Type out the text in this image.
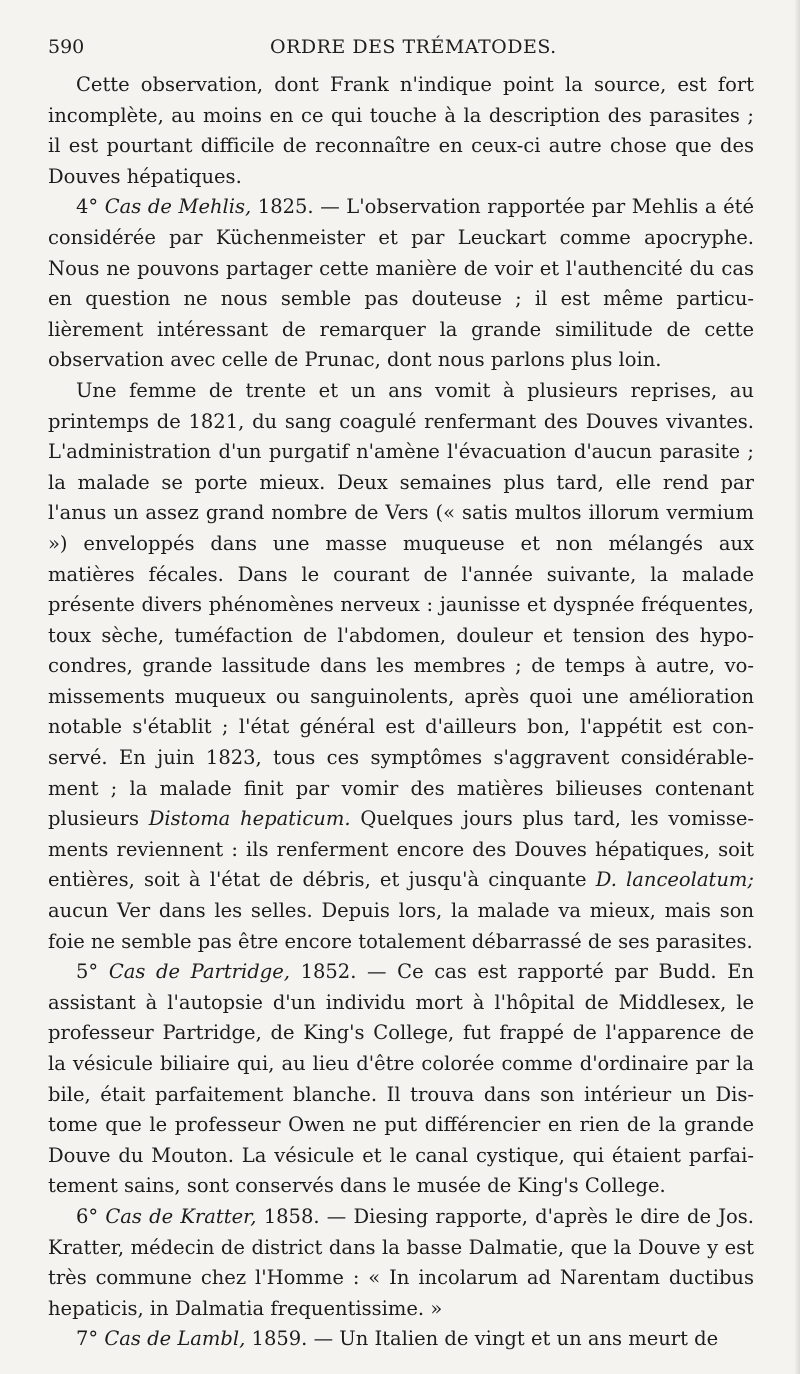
590	ORDRE DES TRÉMATODES.

Cette observation, dont Frank n'indique point la source, est fort incomplète, au moins en ce qui touche à la description des parasites ; il est pourtant difficile de reconnaître en ceux-ci autre chose que des Douves hépatiques.

4° Cas de Mehlis, 1825. — L'observation rapportée par Mehlis a été considérée par Küchenmeister et par Leuckart comme apocryphe. Nous ne pouvons partager cette manière de voir et l'authencité du cas en question ne nous semble pas douteuse ; il est même particulièrement intéressant de remarquer la grande similitude de cette observation avec celle de Prunac, dont nous parlons plus loin.

Une femme de trente et un ans vomit à plusieurs reprises, au printemps de 1821, du sang coagulé renfermant des Douves vivantes. L'administration d'un purgatif n'amène l'évacuation d'aucun parasite ; la malade se porte mieux. Deux semaines plus tard, elle rend par l'anus un assez grand nombre de Vers (« satis multos illorum vermium ») enveloppés dans une masse muqueuse et non mélangés aux matières fécales. Dans le courant de l'année suivante, la malade présente divers phénomènes nerveux : jaunisse et dyspnée fréquentes, toux sèche, tuméfaction de l'abdomen, douleur et tension des hypocondres, grande lassitude dans les membres ; de temps à autre, vomissements muqueux ou sanguinolents, après quoi une amélioration notable s'établit ; l'état général est d'ailleurs bon, l'appétit est conservé. En juin 1823, tous ces symptômes s'aggravent considérablement ; la malade finit par vomir des matières bilieuses contenant plusieurs Distoma hepaticum. Quelques jours plus tard, les vomissements reviennent : ils renferment encore des Douves hépatiques, soit entières, soit à l'état de débris, et jusqu'à cinquante D. lanceolatum; aucun Ver dans les selles. Depuis lors, la malade va mieux, mais son foie ne semble pas être encore totalement débarrassé de ses parasites.

5° Cas de Partridge, 1852. — Ce cas est rapporté par Budd. En assistant à l'autopsie d'un individu mort à l'hôpital de Middlesex, le professeur Partridge, de King's College, fut frappé de l'apparence de la vésicule biliaire qui, au lieu d'être colorée comme d'ordinaire par la bile, était parfaitement blanche. Il trouva dans son intérieur un Distome que le professeur Owen ne put différencier en rien de la grande Douve du Mouton. La vésicule et le canal cystique, qui étaient parfaitement sains, sont conservés dans le musée de King's College.

6° Cas de Kratter, 1858. — Diesing rapporte, d'après le dire de Jos. Kratter, médecin de district dans la basse Dalmatie, que la Douve y est très commune chez l'Homme : « In incolarum ad Narentam ductibus hepaticis, in Dalmatia frequentissime. »

7° Cas de Lambl, 1859. — Un Italien de vingt et un ans meurt de
